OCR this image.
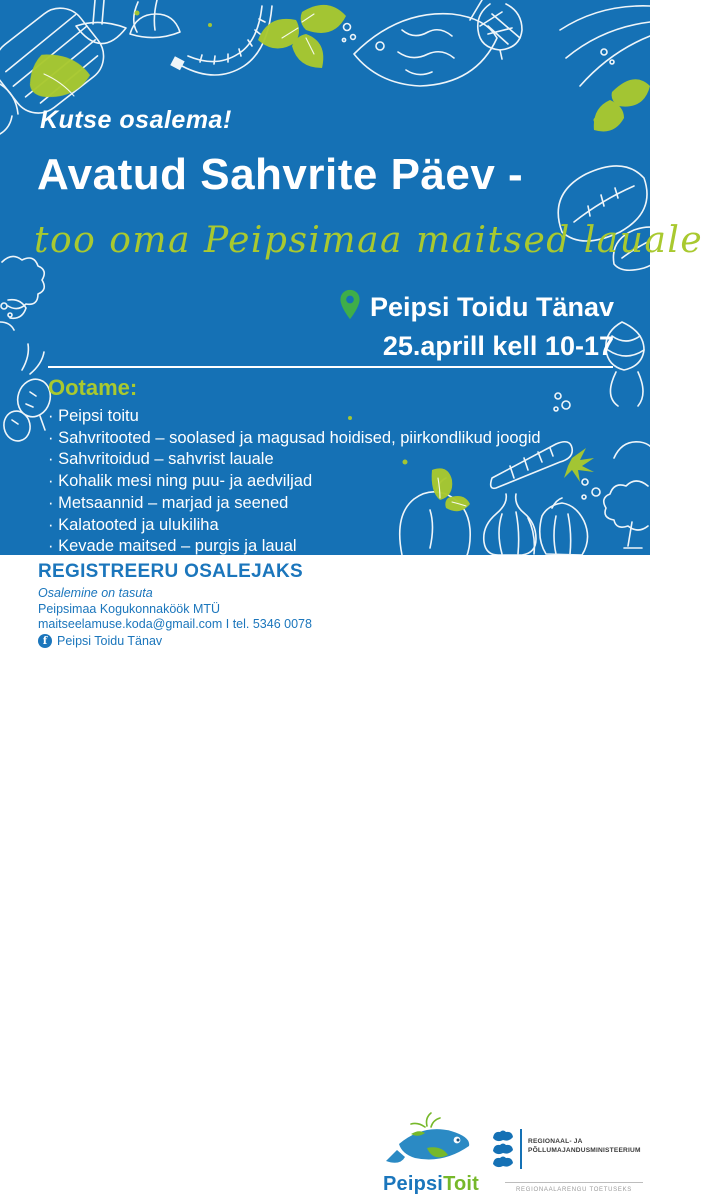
Kutse osalema!
Avatud Sahvrite Päev -
too oma Peipsimaa maitsed lauale
Peipsi Toidu Tänav
25.aprill kell 10-17
Ootame:
· Peipsi toitu
· Sahvritooted – soolased ja magusad hoidised, piirkondlikud joogid
· Sahvritoidud – sahvrist lauale
· Kohalik mesi ning puu- ja aedviljad
· Metsaannid – marjad ja seened
· Kalatooted ja ulukiliha
· Kevade maitsed – purgis ja laual
REGISTREERU OSALEJAKS
Osalemine on tasuta
Peipsimaa Kogukonnaköök MTÜ
maitseelamuse.koda@gmail.com I tel. 5346 0078
f Peipsi Toidu Tänav
PeipsiToit
REGIONAAL- JA
PÕLLUMAJANDUSMINISTEERIUM
REGIONAALARENGU TOETUSEKS
